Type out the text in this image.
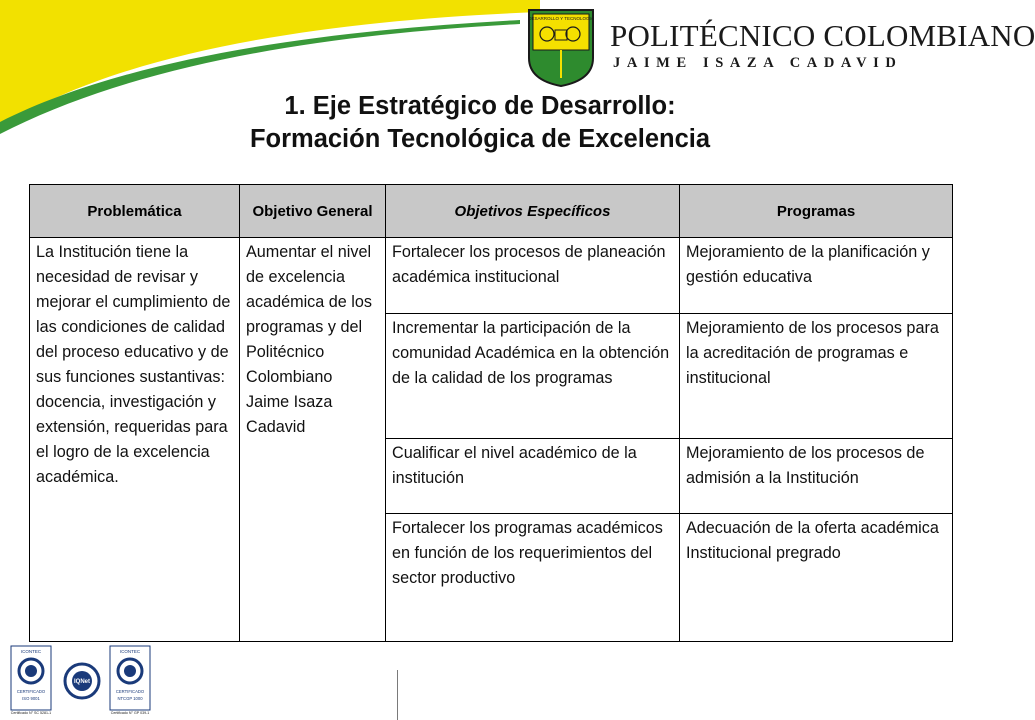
DESARROLLO Y TECNOLOGIA POLITÉCNICO COLOMBIANO
JAIME ISAZA CADAVID
1. Eje Estratégico de Desarrollo:
Formación Tecnológica de Excelencia
Problemática	Objetivo General	Objetivos Específicos	Programas
La Institución tiene la necesidad de revisar y mejorar el cumplimiento de las condiciones de calidad del proceso educativo y de sus funciones sustantivas: docencia, investigación y extensión, requeridas para el logro de la excelencia académica.	Aumentar el nivel de excelencia académica de los programas y del Politécnico Colombiano Jaime Isaza Cadavid	Fortalecer los procesos de planeación académica institucional	Mejoramiento de la planificación y gestión educativa
		Incrementar la participación de la comunidad Académica en la obtención de la calidad de los programas	Mejoramiento de los procesos para la acreditación de programas e institucional
		Cualificar el nivel académico de la institución	Mejoramiento de los procesos de admisión a la Institución
		Fortalecer los programas académicos en función de los requerimientos del sector productivo	Adecuación de la oferta académica Institucional pregrado
ICONTEC
CERTIFICADO
ISO 9001
Certificado N° SC 5281-1
IQNet
ICONTEC
CERTIFICADO
NTCGP 1000
Certificado N° GP 039-1
